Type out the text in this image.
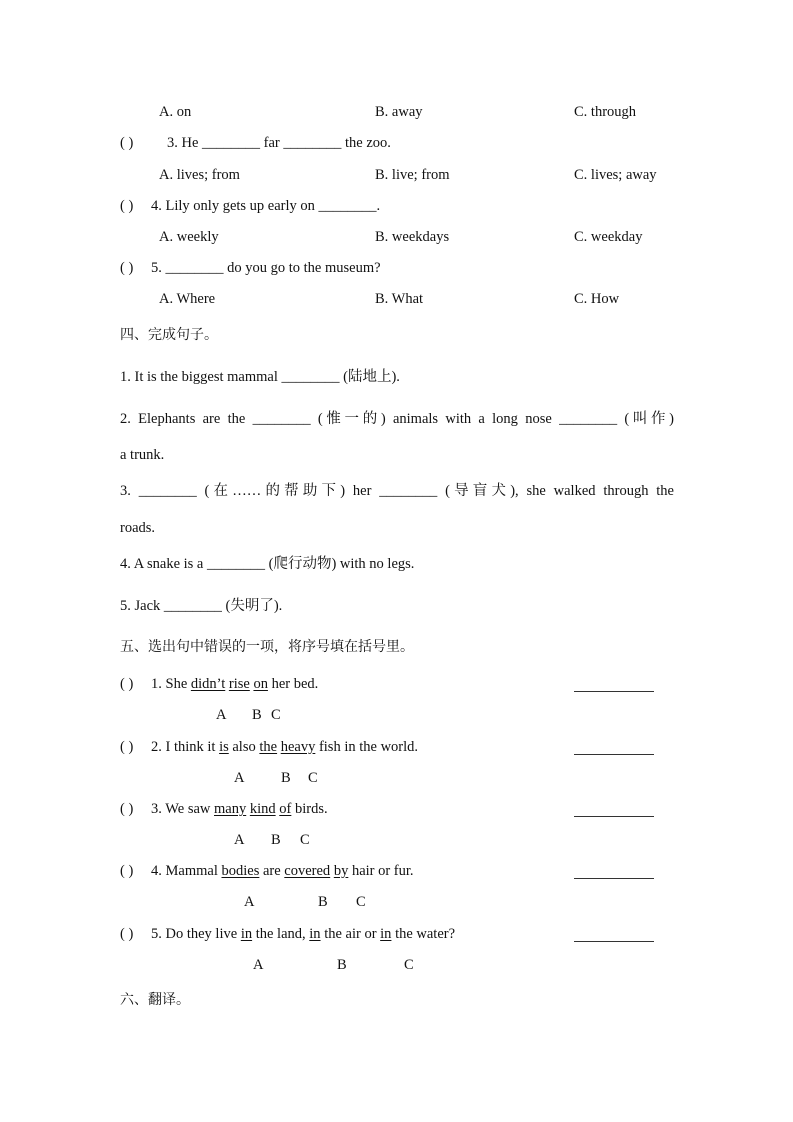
A. on	B. away	C. through
( ) 3. He ________ far ________ the zoo.
A. lives; from	B. live; from	C. lives; away
( ) 4. Lily only gets up early on ________.
A. weekly	B. weekdays	C. weekday
( ) 5. ________ do you go to the museum?
A. Where	B. What	C. How
四、完成句子。
1. It is the biggest mammal ________ (陆地上).
2. Elephants are the ________ (惟一的) animals with a long nose ________ (叫作)
a trunk.
3. ________ (在……的帮助下) her ________ (导盲犬), she walked through the
roads.
4. A snake is a ________ (爬行动物) with no legs.
5. Jack ________ (失明了).
五、选出句中错误的一项，将序号填在括号里。
( ) 1. She didn’t rise on her bed.
A B C
( ) 2. I think it is also the heavy fish in the world.
A	B C
( ) 3. We saw many kind of birds.
A B C
( ) 4. Mammal bodies are covered by hair or fur.
A	B C
( ) 5. Do they live in the land, in the air or in the water?
A	B	C
六、翻译。
